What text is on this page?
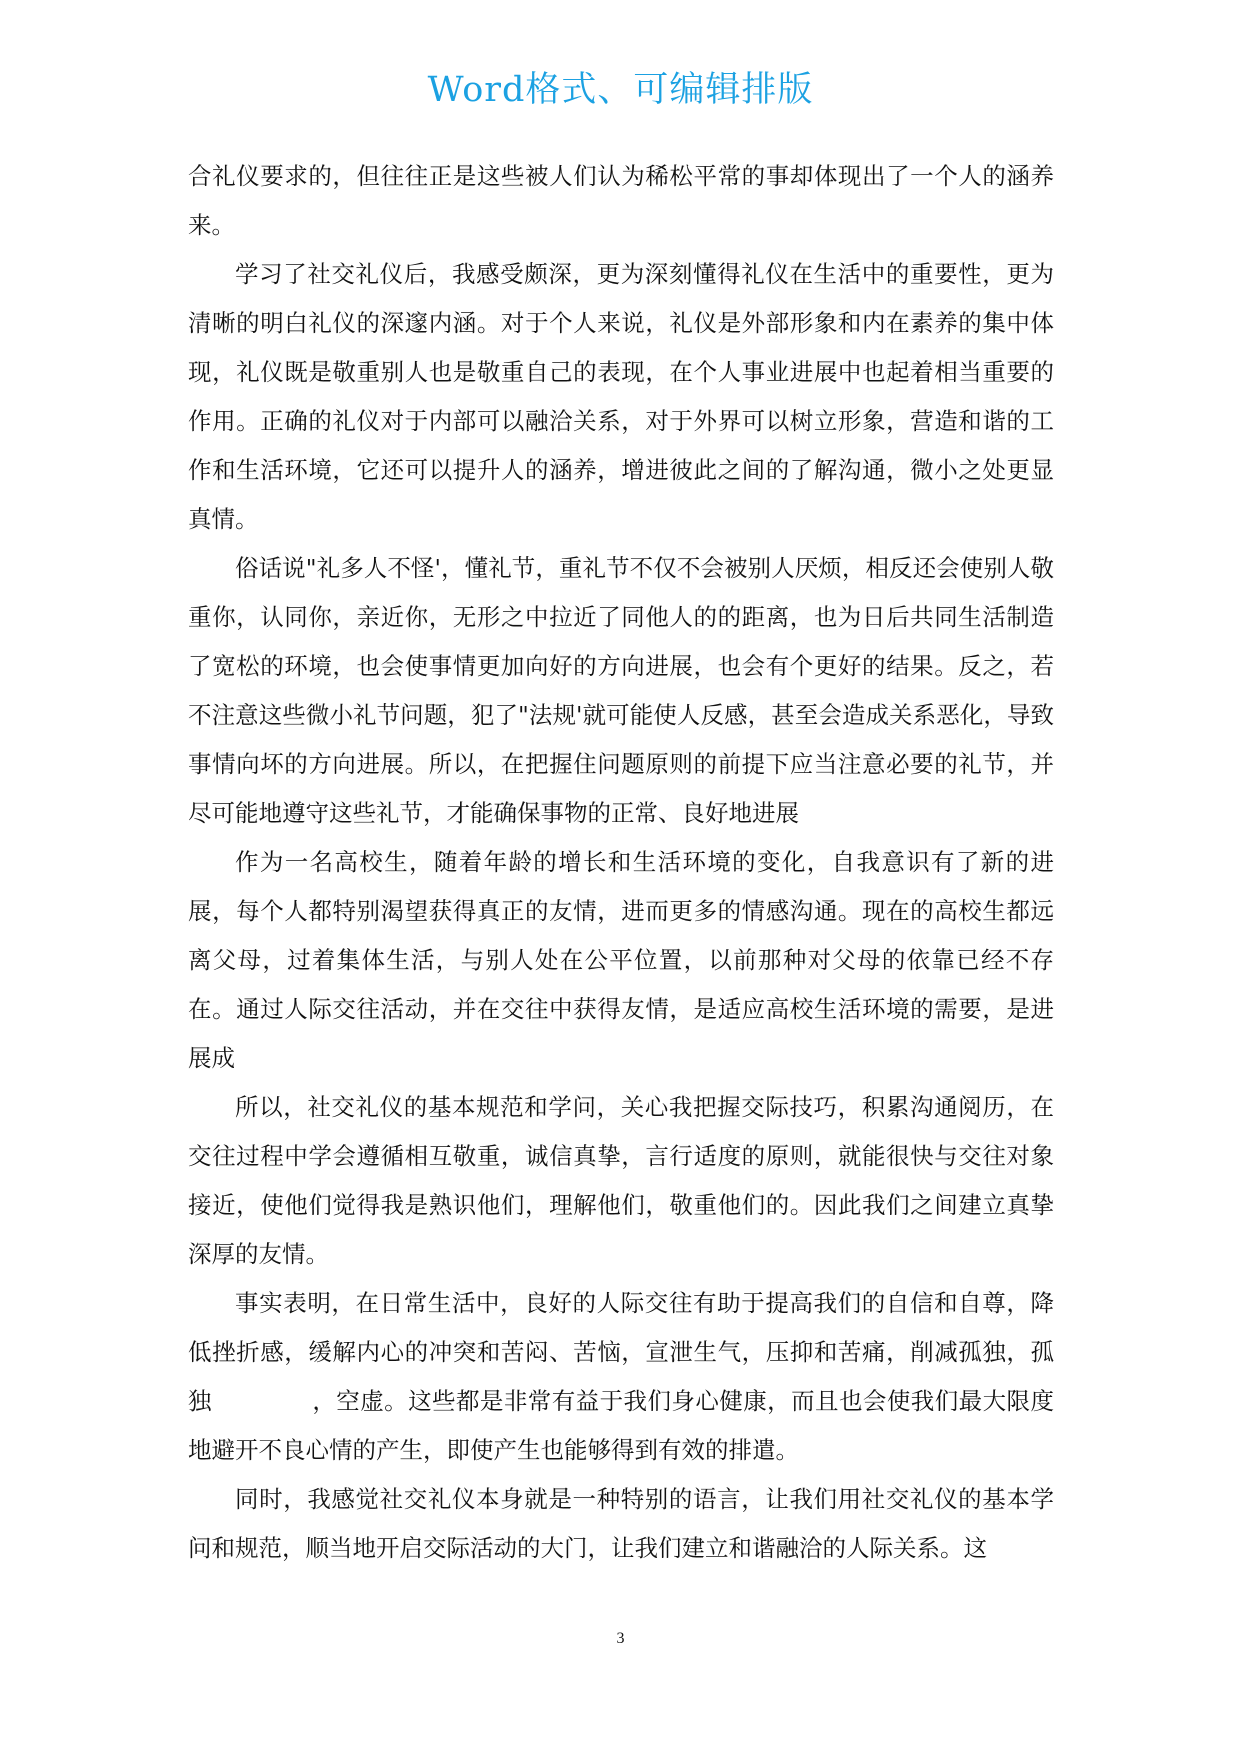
Word格式、可编辑排版

合礼仪要求的，但往往正是这些被人们认为稀松平常的事却体现出了一个人的涵养来。

学习了社交礼仪后，我感受颇深，更为深刻懂得礼仪在生活中的重要性，更为清晰的明白礼仪的深邃内涵。对于个人来说，礼仪是外部形象和内在素养的集中体现，礼仪既是敬重别人也是敬重自己的表现，在个人事业进展中也起着相当重要的作用。正确的礼仪对于内部可以融洽关系，对于外界可以树立形象，营造和谐的工作和生活环境，它还可以提升人的涵养，增进彼此之间的了解沟通，微小之处更显真情。

俗话说"礼多人不怪'，懂礼节，重礼节不仅不会被别人厌烦，相反还会使别人敬重你，认同你，亲近你，无形之中拉近了同他人的的距离，也为日后共同生活制造了宽松的环境，也会使事情更加向好的方向进展，也会有个更好的结果。反之，若不注意这些微小礼节问题，犯了"法规'就可能使人反感，甚至会造成关系恶化，导致事情向坏的方向进展。所以，在把握住问题原则的前提下应当注意必要的礼节，并尽可能地遵守这些礼节，才能确保事物的正常、良好地进展

作为一名高校生，随着年龄的增长和生活环境的变化，自我意识有了新的进展，每个人都特别渴望获得真正的友情，进而更多的情感沟通。现在的高校生都远离父母，过着集体生活，与别人处在公平位置，以前那种对父母的依靠已经不存在。通过人际交往活动，并在交往中获得友情，是适应高校生活环境的需要，是进展成

所以，社交礼仪的基本规范和学问，关心我把握交际技巧，积累沟通阅历，在交往过程中学会遵循相互敬重，诚信真挚，言行适度的原则，就能很快与交往对象接近，使他们觉得我是熟识他们，理解他们，敬重他们的。因此我们之间建立真挚深厚的友情。

事实表明，在日常生活中，良好的人际交往有助于提高我们的自信和自尊，降低挫折感，缓解内心的冲突和苦闷、苦恼，宣泄生气，压抑和苦痛，削减孤独，孤独	，空虚。这些都是非常有益于我们身心健康，而且也会使我们最大限度地避开不良心情的产生，即使产生也能够得到有效的排遣。

同时，我感觉社交礼仪本身就是一种特别的语言，让我们用社交礼仪的基本学问和规范，顺当地开启交际活动的大门，让我们建立和谐融洽的人际关系。这

3
